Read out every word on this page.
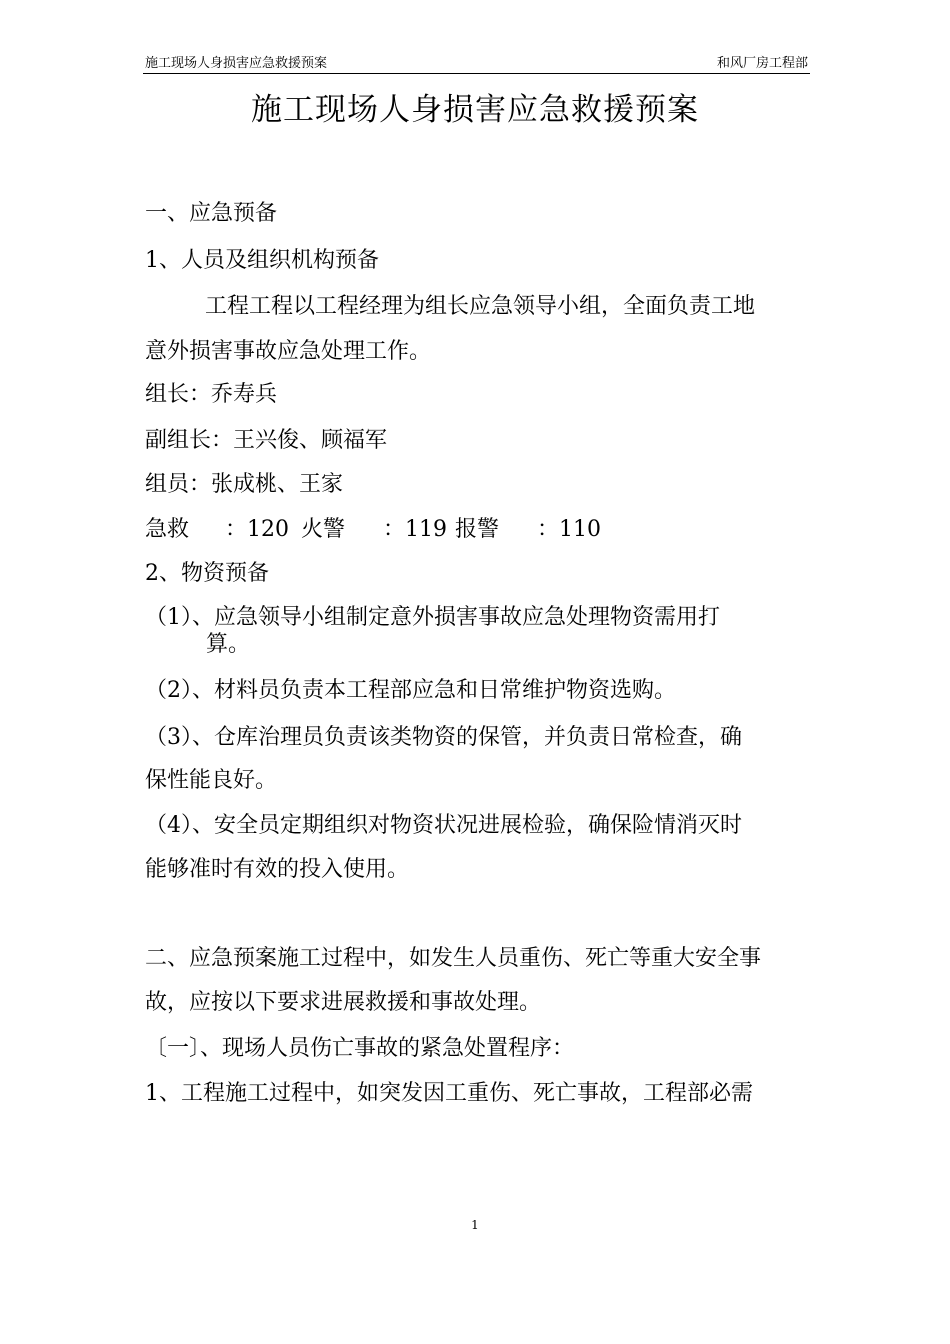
施工现场人身损害应急救援预案	和风厂房工程部
施工现场人身损害应急救援预案
一、应急预备
1、人员及组织机构预备
工程工程以工程经理为组长应急领导小组，全面负责工地
意外损害事故应急处理工作。
组长：乔寿兵
副组长：王兴俊、顾福军
组员：张成桃、王家
急救 ：120 火警 ：119 报警 ：110
2、物资预备
（1）、应急领导小组制定意外损害事故应急处理物资需用打
算。
（2）、材料员负责本工程部应急和日常维护物资选购。
（3）、仓库治理员负责该类物资的保管，并负责日常检查，确
保性能良好。
（4）、安全员定期组织对物资状况进展检验，确保险情消灭时
能够准时有效的投入使用。
二、应急预案施工过程中，如发生人员重伤、死亡等重大安全事
故，应按以下要求进展救援和事故处理。
〔一〕、现场人员伤亡事故的紧急处置程序：
1、工程施工过程中，如突发因工重伤、死亡事故，工程部必需
1
